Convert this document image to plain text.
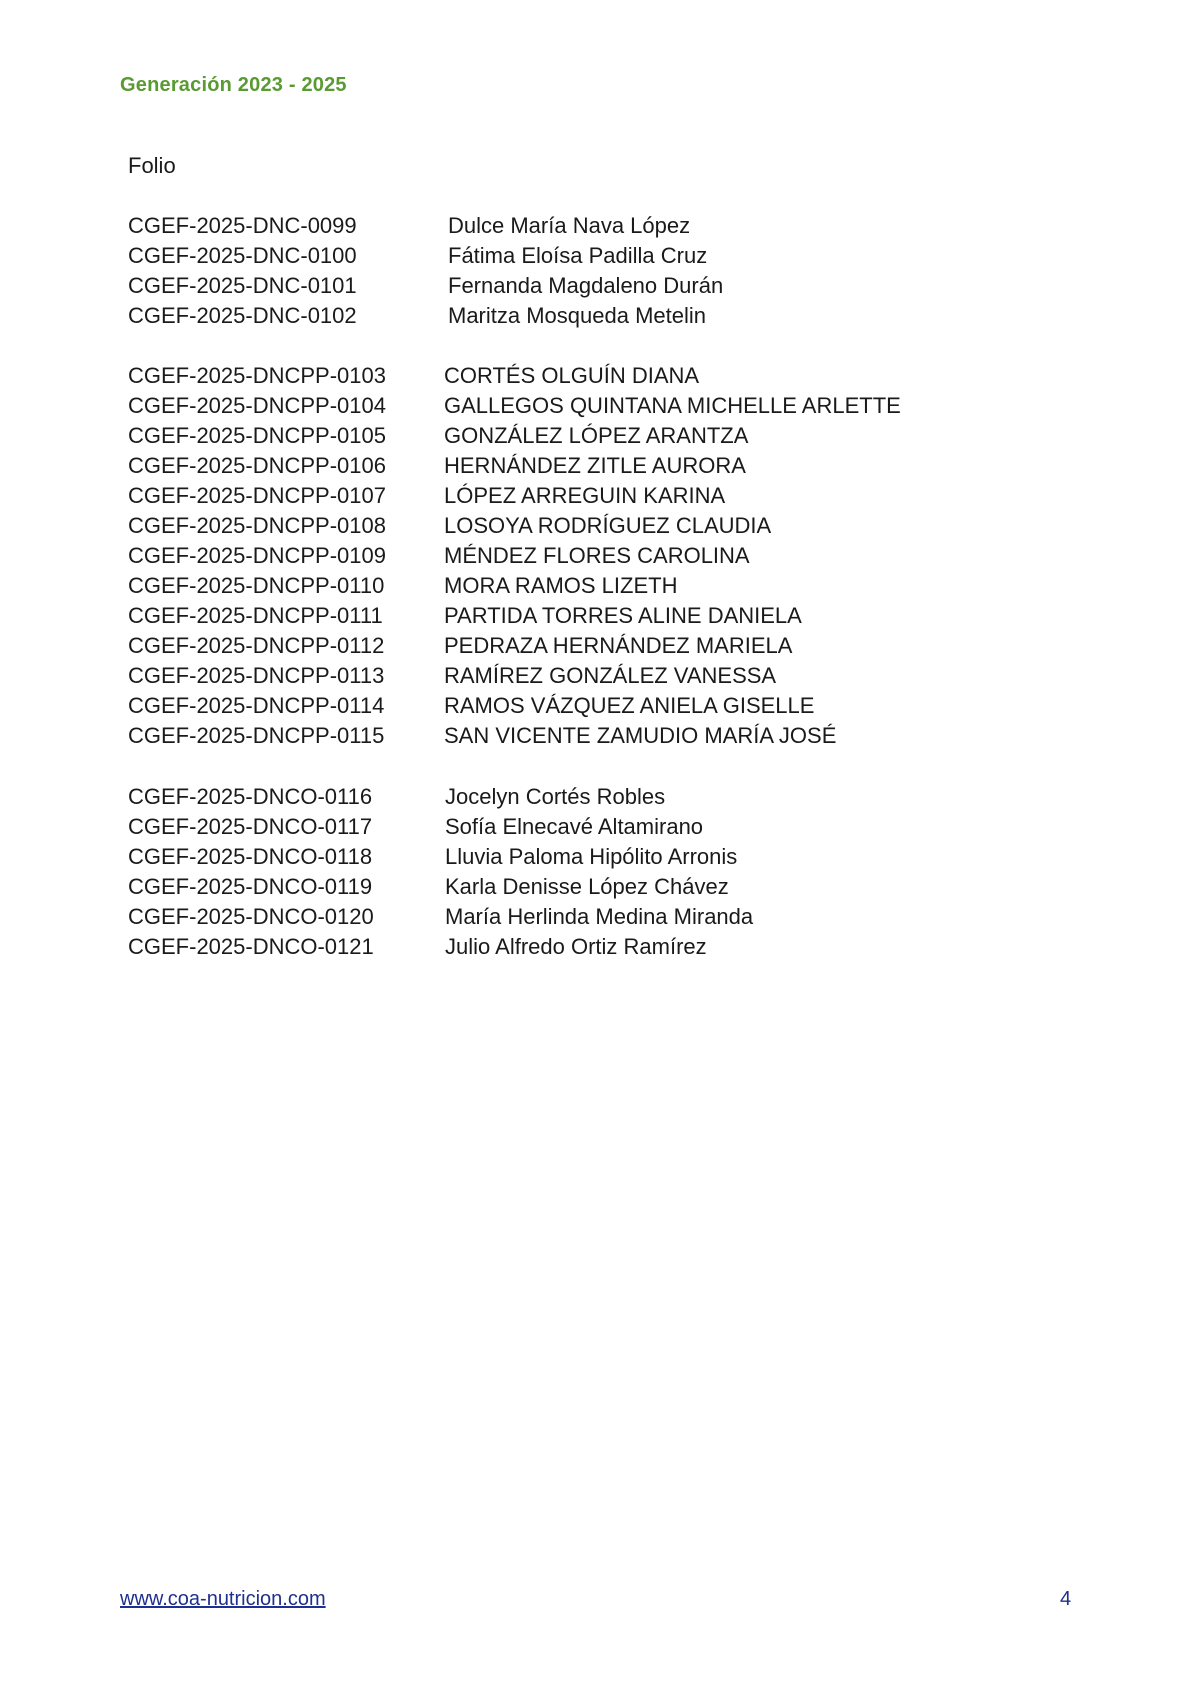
Generación 2023 - 2025
Folio
CGEF-2025-DNC-0099	Dulce María Nava López
CGEF-2025-DNC-0100	Fátima Eloísa Padilla Cruz
CGEF-2025-DNC-0101	Fernanda Magdaleno Durán
CGEF-2025-DNC-0102	Maritza Mosqueda Metelin
CGEF-2025-DNCPP-0103	CORTÉS OLGUÍN DIANA
CGEF-2025-DNCPP-0104	GALLEGOS QUINTANA MICHELLE ARLETTE
CGEF-2025-DNCPP-0105	GONZÁLEZ LÓPEZ ARANTZA
CGEF-2025-DNCPP-0106	HERNÁNDEZ ZITLE AURORA
CGEF-2025-DNCPP-0107	LÓPEZ ARREGUIN KARINA
CGEF-2025-DNCPP-0108	LOSOYA RODRÍGUEZ CLAUDIA
CGEF-2025-DNCPP-0109	MÉNDEZ FLORES CAROLINA
CGEF-2025-DNCPP-0110	MORA RAMOS LIZETH
CGEF-2025-DNCPP-0111	PARTIDA TORRES ALINE DANIELA
CGEF-2025-DNCPP-0112	PEDRAZA HERNÁNDEZ MARIELA
CGEF-2025-DNCPP-0113	RAMÍREZ GONZÁLEZ VANESSA
CGEF-2025-DNCPP-0114	RAMOS VÁZQUEZ ANIELA GISELLE
CGEF-2025-DNCPP-0115	SAN VICENTE ZAMUDIO MARÍA JOSÉ
CGEF-2025-DNCO-0116	Jocelyn Cortés Robles
CGEF-2025-DNCO-0117	Sofía Elnecavé Altamirano
CGEF-2025-DNCO-0118	Lluvia Paloma Hipólito Arronis
CGEF-2025-DNCO-0119	Karla Denisse López Chávez
CGEF-2025-DNCO-0120	María Herlinda Medina Miranda
CGEF-2025-DNCO-0121	Julio Alfredo Ortiz Ramírez
www.coa-nutricion.com	4
